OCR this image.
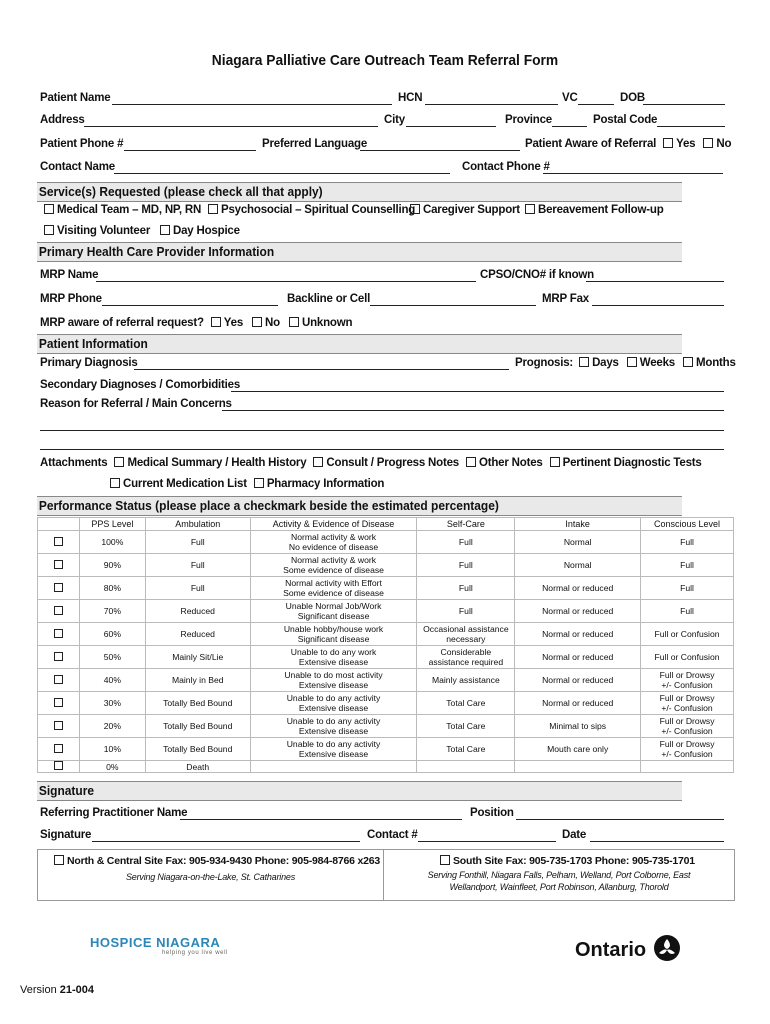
Niagara Palliative Care Outreach Team Referral Form
Patient Name	HCN	VC	DOB
Address	City	Province	Postal Code
Patient Phone #	Preferred Language	Patient Aware of Referral Yes No
Contact Name	Contact Phone #
Service(s) Requested (please check all that apply)
Medical Team – MD, NP, RN	Psychosocial – Spiritual Counselling Caregiver Support	Bereavement Follow-up
Visiting Volunteer	Day Hospice
Primary Health Care Provider Information
MRP Name	CPSO/CNO# if known
MRP Phone	Backline or Cell	MRP Fax
MRP aware of referral request? Yes No Unknown
Patient Information
Primary Diagnosis	Prognosis: Days Weeks Months
Secondary Diagnoses / Comorbidities
Reason for Referral / Main Concerns
Attachments Medical Summary / Health History Consult / Progress Notes Other Notes Pertinent Diagnostic Tests
Current Medication List Pharmacy Information
Performance Status (please place a checkmark beside the estimated percentage)
	PPS Level	Ambulation	Activity & Evidence of Disease	Self-Care	Intake	Conscious Level
	100%	Full	Normal activity & work
No evidence of disease	Full	Normal	Full
	90%	Full	Normal activity & work
Some evidence of disease	Full	Normal	Full
	80%	Full	Normal activity with Effort
Some evidence of disease	Full	Normal or reduced	Full
	70%	Reduced	Unable Normal Job/Work
Significant disease	Full	Normal or reduced	Full
	60%	Reduced	Unable hobby/house work
Significant disease	Occasional assistance
necessary	Normal or reduced	Full or Confusion
	50%	Mainly Sit/Lie	Unable to do any work
Extensive disease	Considerable
assistance required	Normal or reduced	Full or Confusion
	40%	Mainly in Bed	Unable to do most activity
Extensive disease	Mainly assistance	Normal or reduced	Full or Drowsy
+/- Confusion
	30%	Totally Bed Bound	Unable to do any activity
Extensive disease	Total Care	Normal or reduced	Full or Drowsy
+/- Confusion
	20%	Totally Bed Bound	Unable to do any activity
Extensive disease	Total Care	Minimal to sips	Full or Drowsy
+/- Confusion
	10%	Totally Bed Bound	Unable to do any activity
Extensive disease	Total Care	Mouth care only	Full or Drowsy
+/- Confusion
	0%	Death				
Signature
Referring Practitioner Name	Position
Signature	Contact #	Date
North & Central Site Fax: 905-934-9430 Phone: 905-984-8766 x263
Serving Niagara-on-the-Lake, St. Catharines
South Site Fax: 905-735-1703 Phone: 905-735-1701
Serving Fonthill, Niagara Falls, Pelham, Welland, Port Colborne, East
Wellandport, Wainfleet, Port Robinson, Allanburg, Thorold
HOSPICE NIAGARA
helping you live well	Ontario
Version 21-004
